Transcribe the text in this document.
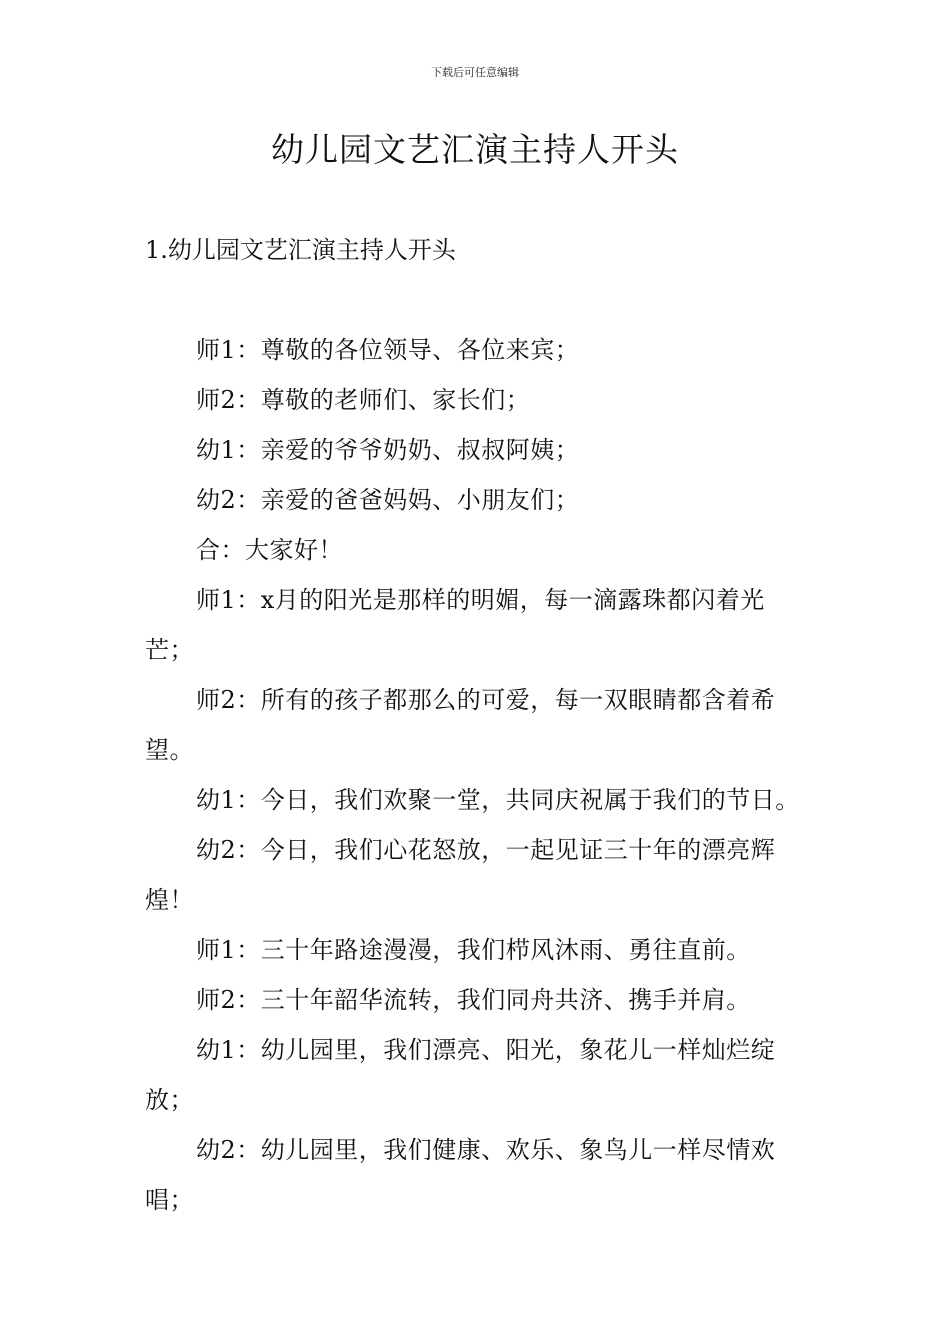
下载后可任意编辑
幼儿园文艺汇演主持人开头
1.幼儿园文艺汇演主持人开头

师1：尊敬的各位领导、各位来宾；

师2：尊敬的老师们、家长们；

幼1：亲爱的爷爷奶奶、叔叔阿姨；

幼2：亲爱的爸爸妈妈、小朋友们；

合：大家好！

师1：x月的阳光是那样的明媚，每一滴露珠都闪着光芒；

师2：所有的孩子都那么的可爱，每一双眼睛都含着希望。

幼1：今日，我们欢聚一堂，共同庆祝属于我们的节日。

幼2：今日，我们心花怒放，一起见证三十年的漂亮辉煌！

师1：三十年路途漫漫，我们栉风沐雨、勇往直前。

师2：三十年韶华流转，我们同舟共济、携手并肩。

幼1：幼儿园里，我们漂亮、阳光，象花儿一样灿烂绽放；

幼2：幼儿园里，我们健康、欢乐、象鸟儿一样尽情欢唱；
